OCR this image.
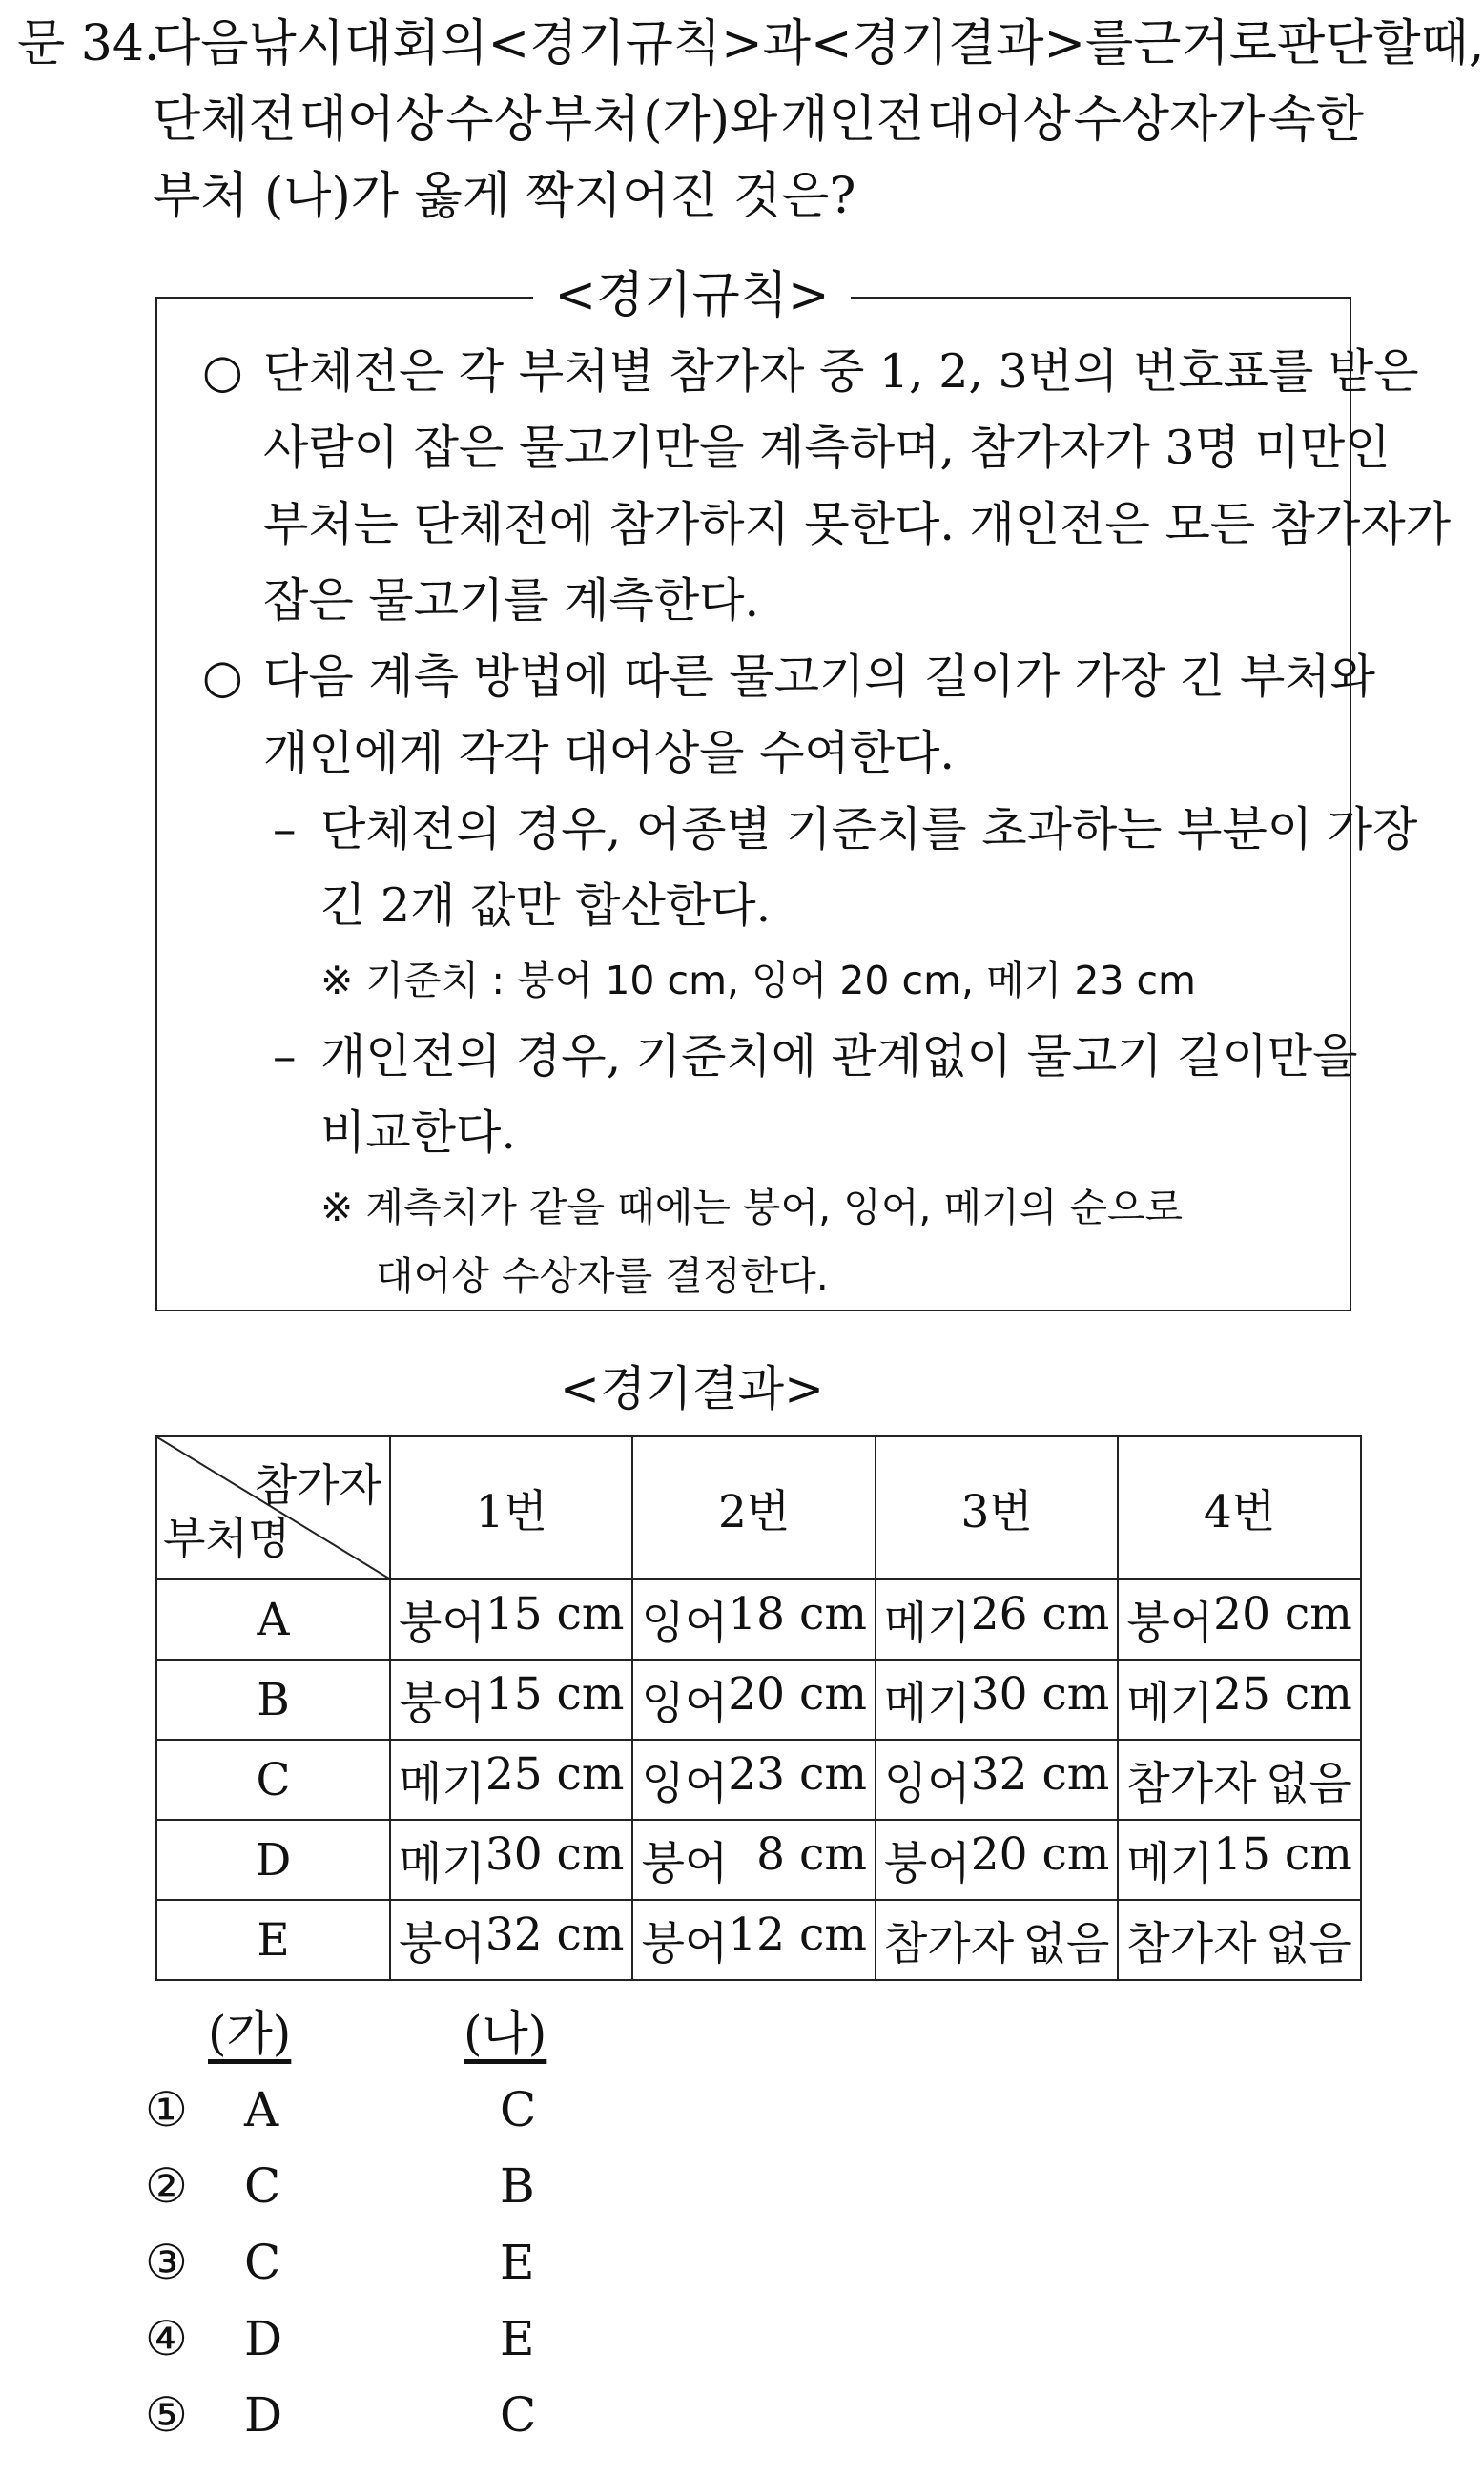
문 34.
다음 낚시대회의 <경기규칙>과 <경기결과>를 근거로 판단할 때,
단체전 대어상 수상 부처 (가)와 개인전 대어상 수상자가 속한
부처 (나)가 옳게 짝지어진 것은?
<경기규칙>
○ 단체전은 각 부처별 참가자 중 1, 2, 3번의 번호표를 받은
사람이 잡은 물고기만을 계측하며, 참가자가 3명 미만인
부처는 단체전에 참가하지 못한다. 개인전은 모든 참가자가
잡은 물고기를 계측한다.
○ 다음 계측 방법에 따른 물고기의 길이가 가장 긴 부처와
개인에게 각각 대어상을 수여한다.
– 단체전의 경우, 어종별 기준치를 초과하는 부분이 가장
긴 2개 값만 합산한다.
※ 기준치 : 붕어 10 cm, 잉어 20 cm, 메기 23 cm
– 개인전의 경우, 기준치에 관계없이 물고기 길이만을
비교한다.
※ 계측치가 같을 때에는 붕어, 잉어, 메기의 순으로
대어상 수상자를 결정한다.
<경기결과>
참가자
부처명	1번	2번	3번	4번
A	붕어 15 cm	잉어 18 cm	메기 26 cm	붕어 20 cm

B	붕어 15 cm	잉어 20 cm	메기 30 cm	메기 25 cm

C	메기 25 cm	잉어 23 cm	잉어 32 cm	참가자 없음

D	메기 30 cm	붕어 8 cm	붕어 20 cm	메기 15 cm

E	붕어 32 cm	붕어 12 cm	참가자 없음	참가자 없음
(가)	(나)
① A	C
② C	B
③ C	E
④ D	E
⑤ D	C
